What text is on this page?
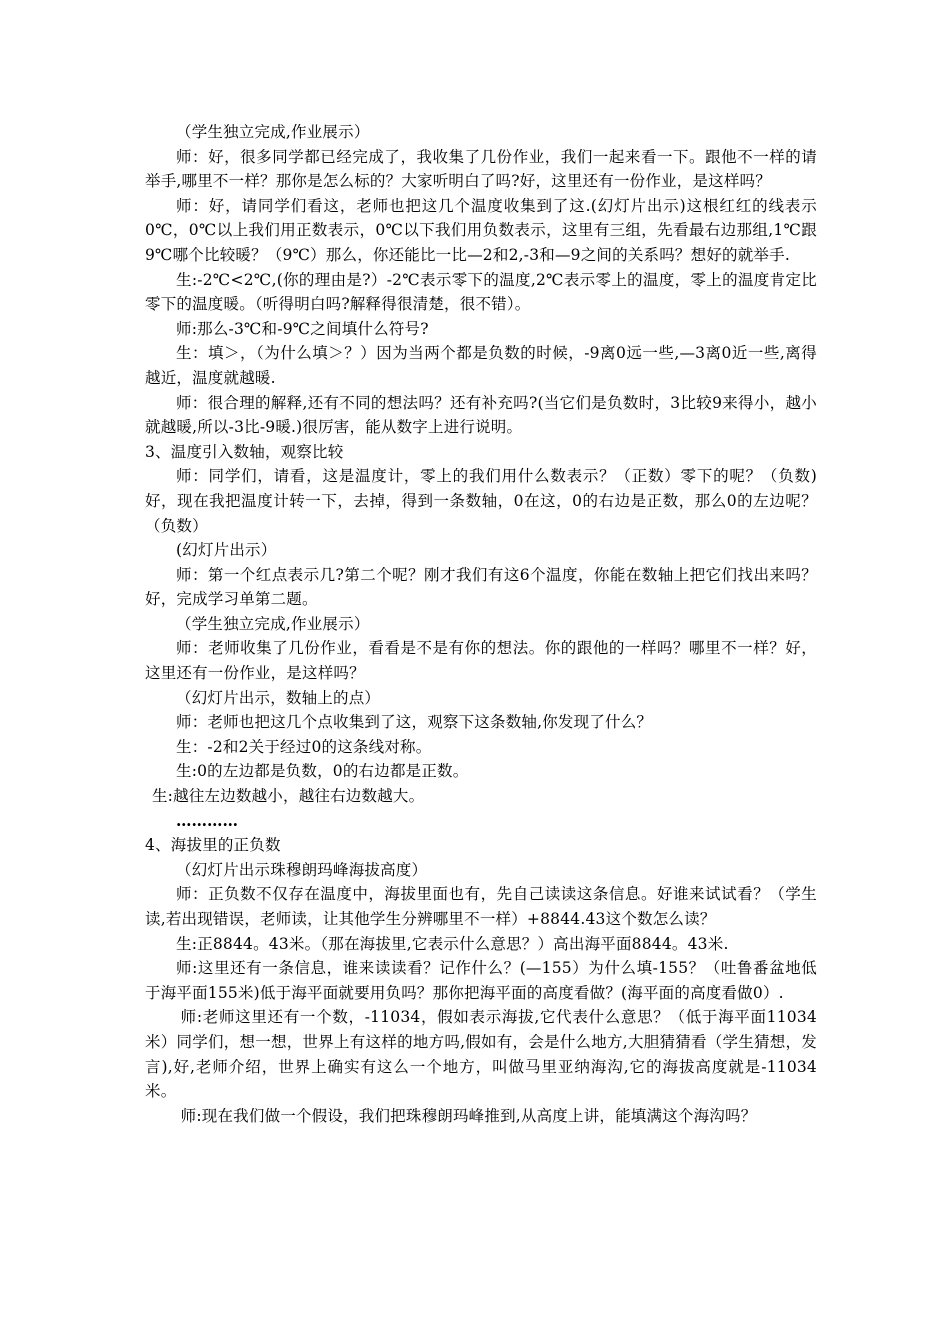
（学生独立完成,作业展示）

师：好，很多同学都已经完成了，我收集了几份作业，我们一起来看一下。跟他不一样的请举手,哪里不一样？那你是怎么标的？大家听明白了吗?好，这里还有一份作业，是这样吗？

师：好，请同学们看这，老师也把这几个温度收集到了这.(幻灯片出示)这根红红的线表示0℃，0℃以上我们用正数表示，0℃以下我们用负数表示，这里有三组，先看最右边那组,1℃跟9℃哪个比较暖？（9℃）那么，你还能比一比—2和2,-3和—9之间的关系吗？想好的就举手.

生:-2℃<2℃,(你的理由是?）-2℃表示零下的温度,2℃表示零上的温度，零上的温度肯定比零下的温度暖。（听得明白吗?解释得很清楚，很不错）。

师:那么-3℃和-9℃之间填什么符号?

生：填＞，（为什么填＞？）因为当两个都是负数的时候，-9离0远一些,—3离0近一些,离得越近，温度就越暖.

师：很合理的解释,还有不同的想法吗？还有补充吗?(当它们是负数时，3比较9来得小，越小就越暖,所以-3比-9暖.)很厉害，能从数字上进行说明。

3、温度引入数轴，观察比较

师：同学们，请看，这是温度计，零上的我们用什么数表示？（正数）零下的呢？（负数)好，现在我把温度计转一下，去掉，得到一条数轴，0在这，0的右边是正数，那么0的左边呢？（负数）

(幻灯片出示）

师：第一个红点表示几?第二个呢？刚才我们有这6个温度，你能在数轴上把它们找出来吗？好，完成学习单第二题。

（学生独立完成,作业展示）

师：老师收集了几份作业，看看是不是有你的想法。你的跟他的一样吗？哪里不一样？好，这里还有一份作业，是这样吗？

（幻灯片出示，数轴上的点）

师：老师也把这几个点收集到了这，观察下这条数轴,你发现了什么？

生：-2和2关于经过0的这条线对称。

生:0的左边都是负数，0的右边都是正数。

生:越往左边数越小，越往右边数越大。

…………

4、海拔里的正负数

（幻灯片出示珠穆朗玛峰海拔高度）

师：正负数不仅存在温度中，海拔里面也有，先自己读读这条信息。好谁来试试看？（学生读,若出现错误，老师读，让其他学生分辨哪里不一样）+8844.43这个数怎么读？

生:正8844。43米。（那在海拔里,它表示什么意思？）高出海平面8844。43米.

师:这里还有一条信息，谁来读读看？记作什么？(—155）为什么填-155？（吐鲁番盆地低于海平面155米)低于海平面就要用负吗？那你把海平面的高度看做？(海平面的高度看做0）.

师:老师这里还有一个数，-11034，假如表示海拔,它代表什么意思？（低于海平面11034米）同学们，想一想，世界上有这样的地方吗,假如有，会是什么地方,大胆猜猜看（学生猜想，发言),好,老师介绍，世界上确实有这么一个地方，叫做马里亚纳海沟,它的海拔高度就是-11034米。

师:现在我们做一个假设，我们把珠穆朗玛峰推到,从高度上讲，能填满这个海沟吗？
